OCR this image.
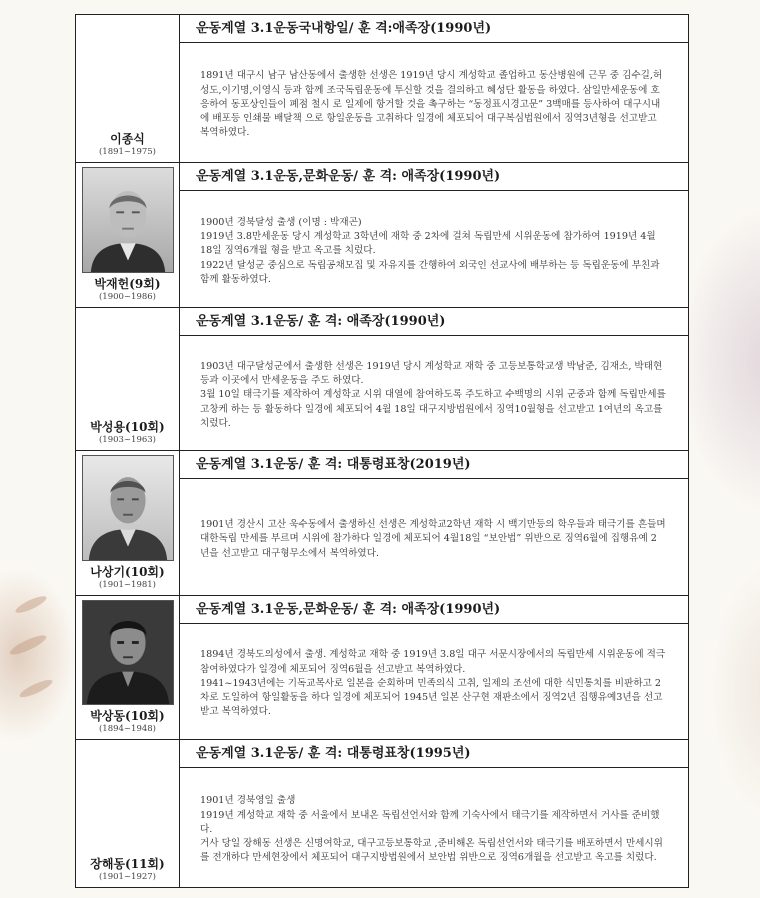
이종식
(1891~1975)
운동계열 3.1운동국내항일/ 훈 격:애족장(1990년)

1891년 대구시 남구 남산동에서 출생한 선생은 1919년 당시 계성학교 졸업하고 동산병원에 근무 중 김수길,허성도,이기명,이영식 등과 함께 조국독립운동에 투신할 것을 결의하고 혜성단 활동을 하였다. 삼일만세운동에 호응하여 동포상인들이 폐점 철시 로 일제에 항거할 것을 촉구하는 “동정표시경고문” 3백매를 등사하여 대구시내에 배포등 인쇄물 배달책 으로 항일운동을 고취하다 일경에 체포되어 대구복심법원에서 징역3년형을 선고받고 복역하였다.

박재헌(9회)
(1900~1986)
운동계열 3.1운동,문화운동/ 훈 격: 애족장(1990년)

1900년 경북달성 출생 (이명 : 박재곤)

1919년 3.8만세운동 당시 계성학교 3학년에 재학 중 2차에 걸쳐 독립만세 시위운동에 참가하여 1919년 4월 18일 징역6개월 형을 받고 옥고를 치렀다.

1922년 달성군 중심으로 독립공채모집 및 자유지를 간행하여 외국인 선교사에 배부하는 등 독립운동에 부친과 함께 활동하였다.

박성용(10회)
(1903~1963)
운동계열 3.1운동/ 훈 격: 애족장(1990년)

1903년 대구달성군에서 출생한 선생은 1919년 당시 계성학교 재학 중 고등보통학교생 박남준, 김재소, 박태현 등과 이곳에서 만세운동을 주도 하였다.

3월 10일 태극기를 제작하여 계성학교 시위 대열에 참여하도록 주도하고 수백명의 시위 군중과 함께 독립만세를 고창케 하는 등 활동하다 일경에 체포되어 4월 18일 대구지방법원에서 징역10월형을 선고받고 1여년의 옥고를 치렀다.

나상기(10회)
(1901~1981)
운동계열 3.1운동/ 훈 격: 대통령표창(2019년)

1901년 경산시 고산 욱수동에서 출생하신 선생은 계성학교2학년 재학 시 백기만등의 학우들과 태극기를 흔들며 대한독립 만세를 부르며 시위에 참가하다 일경에 체포되어 4월18일 “보안법” 위반으로 징역6월에 집행유예 2년을 선고받고 대구형무소에서 복역하였다.

박상동(10회)
(1894~1948)
운동계열 3.1운동,문화운동/ 훈 격: 애족장(1990년)

1894년 경북도의성에서 출생. 계성학교 재학 중 1919년 3.8일 대구 서문시장에서의 독립만세 시위운동에 적극 참여하였다가 일경에 체포되어 징역6월을 선고받고 복역하였다.

1941~1943년에는 기독교목사로 일본을 순회하며 민족의식 고취, 일제의 조선에 대한 식민통치를 비판하고 2차로 도일하여 항일활동을 하다 일경에 체포되어 1945년 일본 산구현 재판소에서 징역2년 집행유예3년을 선고받고 복역하였다.

장해동(11회)
(1901~1927)
운동계열 3.1운동/ 훈 격: 대통령표창(1995년)

1901년 경북영일 출생

1919년 계성학교 재학 중 서울에서 보내온 독립선언서와 함께 기숙사에서 태극기를 제작하면서 거사를 준비했다.

거사 당일 장해동 선생은 신명여학교, 대구고등보통학교 ,준비해온 독립선언서와 태극기를 배포하면서 만세시위를 전개하다 만세현장에서 체포되어 대구지방법원에서 보안법 위반으로 징역6개월을 선고받고 옥고를 치렀다.
